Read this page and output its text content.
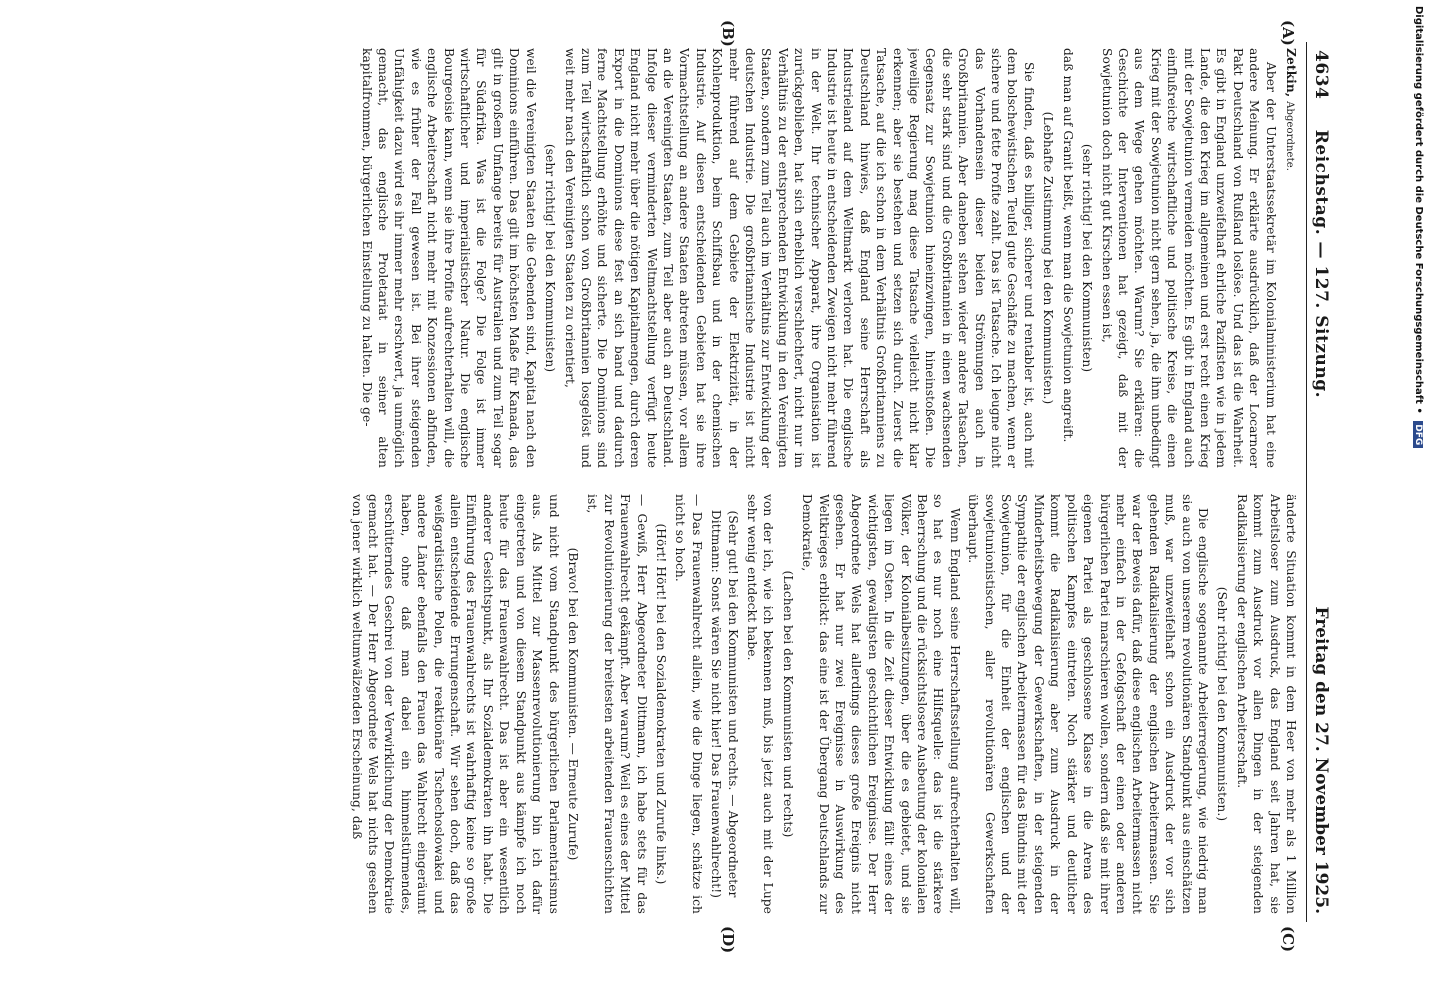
4634 Reichstag. — 127. Sitzung.
Freitag den 27. November 1925.

Zetkin,Abgeordnete.

Aber der Unterstaatssekretär im Kolonialministerium hat eine andere Meinung. Er erklärte ausdrücklich, daß der Locarnoer Pakt Deutschland von Rußland loslöse. Und das ist die Wahrheit. Es gibt in England unzweifelhaft ehrliche Pazifisten wie in jedem Lande, die den Krieg im allgemeinen und erst recht einen Krieg mit der Sowjetunion vermeiden möchten. Es gibt in England auch einflußreiche wirtschaftliche und politische Kreise, die einen Krieg mit der Sowjetunion nicht gern sehen, ja, die ihm unbedingt aus dem Wege gehen möchten. Warum? Sie erklären: die Geschichte der Interventionen hat gezeigt, daß mit der Sowjetunion doch nicht gut Kirschen essen ist,

(sehr richtig! bei den Kommunisten)

daß man auf Granit beißt, wenn man die Sowjetunion angreift.

(Lebhafte Zustimmung bei den Kommunisten.)

Sie finden, daß es billiger, sicherer und rentabler ist, auch mit dem bolschewistischen Teufel gute Geschäfte zu machen, wenn er sichere und fette Profite zahlt. Das ist Tatsache. Ich leugne nicht das Vorhandensein dieser beiden Strömungen auch in Großbritannien. Aber daneben stehen wieder andere Tatsachen, die sehr stark sind und die Großbritannien in einen wachsenden Gegensatz zur Sowjetunion hineinzwingen, hineinstoßen. Die jeweilige Regierung mag diese Tatsache vielleicht nicht klar erkennen; aber sie bestehen und setzen sich durch. Zuerst die Tatsache, auf die ich schon in dem Verhältnis Großbritanniens zu Deutschland hinwies, daß England seine Herrschaft als Industrieland auf dem Weltmarkt verloren hat. Die englische Industrie ist heute in entscheidenden Zweigen nicht mehr führend in der Welt. Ihr technischer Apparat, ihre Organisation ist zurückgeblieben, hat sich erheblich verschlechtert, nicht nur im Verhältnis zu der entsprechenden Entwicklung in den Vereinigten Staaten, sondern zum Teil auch im Verhältnis zur Entwicklung der deutschen Industrie. Die großbritannische Industrie ist nicht mehr führend auf dem Gebiete der Elektrizität, in der Kohlenproduktion, beim Schiffsbau und in der chemischen Industrie. Auf diesen entscheidenden Gebieten hat sie ihre Vormachtstellung an andere Staaten abtreten müssen, vor allem an die Vereinigten Staaten, zum Teil aber auch an Deutschland. Infolge dieser verminderten Weltmachtstellung verfügt heute England nicht mehr über die nötigen Kapitalmengen, durch deren Export in die Dominions diese fest an sich band und dadurch ferne Machtstellung erhöhte und sicherte. Die Dominions sind zum Teil wirtschaftlich schon von Großbritannien losgelöst und weit mehr nach den Vereinigten Staaten zu orientiert,

(sehr richtig! bei den Kommunisten)

weil die Vereinigten Staaten die Gebenden sind, Kapital nach den Dominions einführen. Das gilt im höchsten Maße für Kanada, das gilt in großem Umfange bereits für Australien und zum Teil sogar für Südafrika. Was ist die Folge? Die Folge ist immer wirtschaftlicher und imperialistischer Natur. Die englische Bourgeoisie kann, wenn sie ihre Profite aufrechterhalten will, die englische Arbeiterschaft nicht mehr mit Konzessionen abfinden, wie es früher der Fall gewesen ist. Bei ihrer steigenden Unfähigkeit dazu wird es ihr immer mehr erschwert, ja unmöglich gemacht, das englische Proletariat in seiner alten kapitalfrommen, bürgerlichen Einstellung zu halten. Die ge-

änderte Situation kommt in dem Heer von mehr als 1 Million Arbeitsloser zum Ausdruck, das England seit Jahren hat, sie kommt zum Ausdruck vor allen Dingen in der steigenden Radikalisierung der englischen Arbeiterschaft.

(Sehr richtig! bei den Kommunisten.)

Die englische sogenannte Arbeiterregierung, wie niedrig man sie auch von unserem revolutionären Standpunkt aus einschätzen muß, war unzweifelhaft schon ein Ausdruck der vor sich gehenden Radikalisierung der englischen Arbeitermassen. Sie war der Beweis dafür, daß diese englischen Arbeitermassen nicht mehr einfach in der Gefolgschaft der einen oder anderen bürgerlichen Partei marschieren wollen, sondern daß sie mit ihrer eigenen Partei als geschlossene Klasse in die Arena des politischen Kampfes eintreten. Noch stärker und deutlicher kommt die Radikalisierung aber zum Ausdruck in der Minderheitsbewegung der Gewerkschaften, in der steigenden Sympathie der englischen Arbeitermassen für das Bündnis mit der Sowjetunion, für die Einheit der englischen und der sowjetunionistischen, aller revolutionären Gewerkschaften überhaupt.

Wenn England seine Herrschaftsstellung aufrechterhalten will, so hat es nur noch eine Hilfsquelle: das ist die stärkere Beherrschung und die rücksichtslosere Ausbeutung der kolonialen Völker, der Kolonialbesitzungen, über die es gebietet, und sie liegen im Osten. In die Zeit dieser Entwicklung fällt eines der wichtigsten, gewaltigsten geschichtlichen Ereignisse. Der Herr Abgeordnete Wels hat allerdings dieses große Ereignis nicht gesehen. Er hat nur zwei Ereignisse in Auswirkung des Weltkrieges erblickt: das eine ist der Übergang Deutschlands zur Demokratie,

(Lachen bei den Kommunisten und rechts)

von der ich, wie ich bekennen muß, bis jetzt auch mit der Lupe sehr wenig entdeckt habe.

(Sehr gut! bei den Kommunisten und rechts. — Abgeordneter Dittmann: Sonst wären Sie nicht hier! Das Frauenwahlrecht!)

— Das Frauenwahlrecht allein, wie die Dinge liegen, schätze ich nicht so hoch.

(Hört! Hört! bei den Sozialdemokraten und Zurufe links.)

— Gewiß, Herr Abgeordneter Dittmann, ich habe stets für das Frauenwahlrecht gekämpft. Aber warum? Weil es eines der Mittel zur Revolutionierung der breitesten arbeitenden Frauenschichten ist,

(Bravo! bei den Kommunisten. — Erneute Zurufe)

und nicht vom Standpunkt des bürgerlichen Parlamentarismus aus. Als Mittel zur Massenrevolutionierung bin ich dafür eingetreten und von diesem Standpunkt aus kämpfe ich noch heute für das Frauenwahlrecht. Das ist aber ein wesentlich anderer Gesichtspunkt, als Ihr Sozialdemokraten ihn habt. Die Einführung des Frauenwahlrechts ist wahrhaftig keine so große allein entscheidende Errungenschaft. Wir sehen doch, daß das weißgardistische Polen, die reaktionäre Tschechoslowakei und andere Länder ebenfalls den Frauen das Wahlrecht eingeräumt haben, ohne daß man dabei ein himmelstürmendes, erschütterndes Geschrei von der Verwirklichung der Demokratie gemacht hat. — Der Herr Abgeordnete Wels hat nichts gesehen von jener wirklich weltumwälzenden Erscheinung, daß

(A)
(B)
(C)
(D)
Digitalisierung gefördert durch die Deutsche Forschungsgemeinschaft • DFG
